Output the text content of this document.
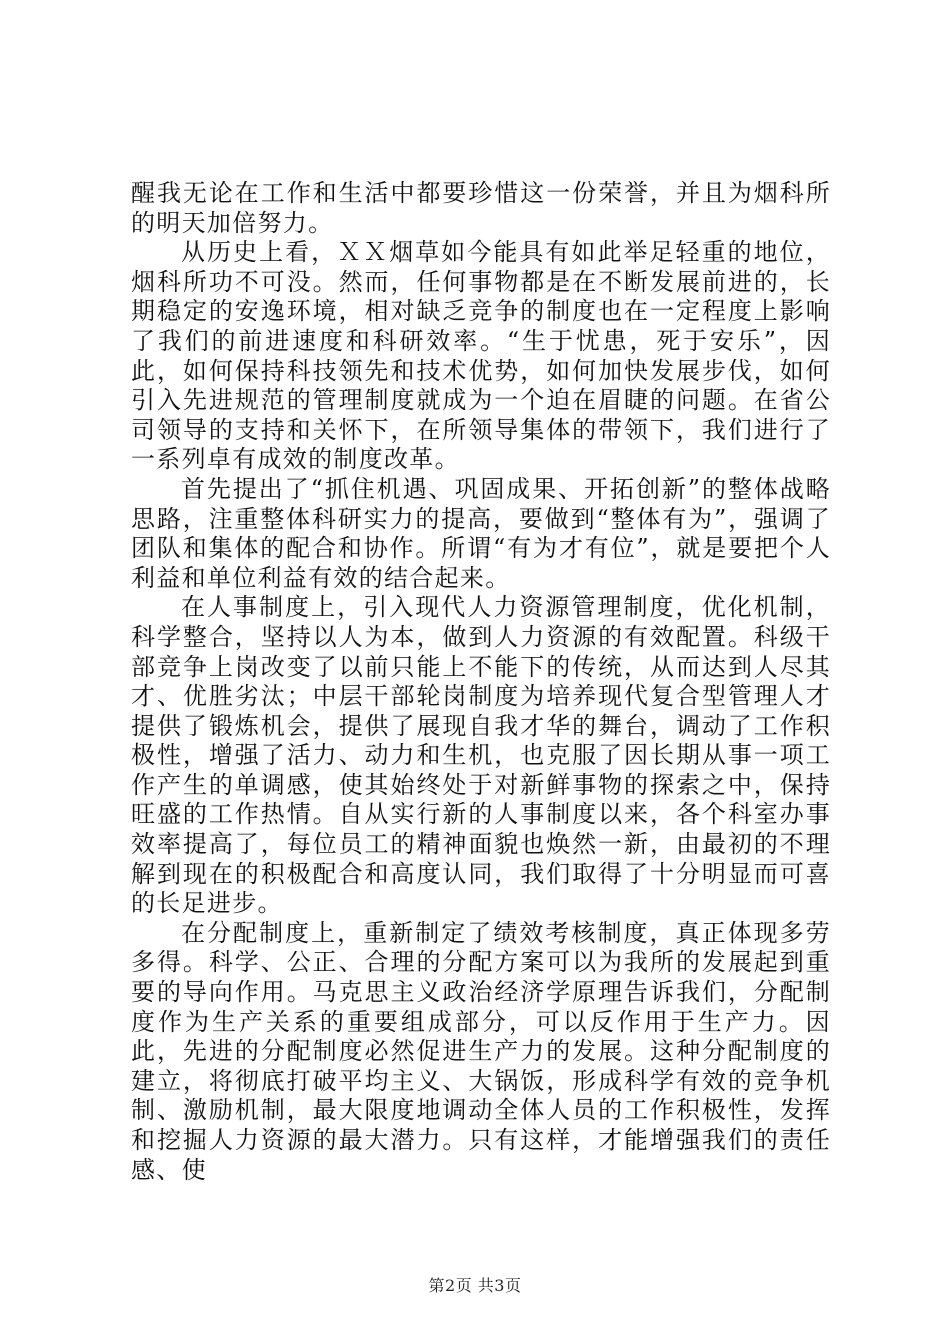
醒我无论在工作和生活中都要珍惜这一份荣誉，并且为烟科所的明天加倍努力。

从历史上看，ＸＸ烟草如今能具有如此举足轻重的地位，烟科所功不可没。然而，任何事物都是在不断发展前进的，长期稳定的安逸环境，相对缺乏竞争的制度也在一定程度上影响了我们的前进速度和科研效率。“生于忧患，死于安乐”，因此，如何保持科技领先和技术优势，如何加快发展步伐，如何引入先进规范的管理制度就成为一个迫在眉睫的问题。在省公司领导的支持和关怀下，在所领导集体的带领下，我们进行了一系列卓有成效的制度改革。

首先提出了“抓住机遇、巩固成果、开拓创新”的整体战略思路，注重整体科研实力的提高，要做到“整体有为”，强调了团队和集体的配合和协作。所谓“有为才有位”，就是要把个人利益和单位利益有效的结合起来。

在人事制度上，引入现代人力资源管理制度，优化机制，科学整合，坚持以人为本，做到人力资源的有效配置。科级干部竞争上岗改变了以前只能上不能下的传统，从而达到人尽其才、优胜劣汰；中层干部轮岗制度为培养现代复合型管理人才提供了锻炼机会，提供了展现自我才华的舞台，调动了工作积极性，增强了活力、动力和生机，也克服了因长期从事一项工作产生的单调感，使其始终处于对新鲜事物的探索之中，保持旺盛的工作热情。自从实行新的人事制度以来，各个科室办事效率提高了，每位员工的精神面貌也焕然一新，由最初的不理解到现在的积极配合和高度认同，我们取得了十分明显而可喜的长足进步。

在分配制度上，重新制定了绩效考核制度，真正体现多劳多得。科学、公正、合理的分配方案可以为我所的发展起到重要的导向作用。马克思主义政治经济学原理告诉我们，分配制度作为生产关系的重要组成部分，可以反作用于生产力。因此，先进的分配制度必然促进生产力的发展。这种分配制度的建立，将彻底打破平均主义、大锅饭，形成科学有效的竞争机制、激励机制，最大限度地调动全体人员的工作积极性，发挥和挖掘人力资源的最大潜力。只有这样，才能增强我们的责任感、使

第2页 共3页
